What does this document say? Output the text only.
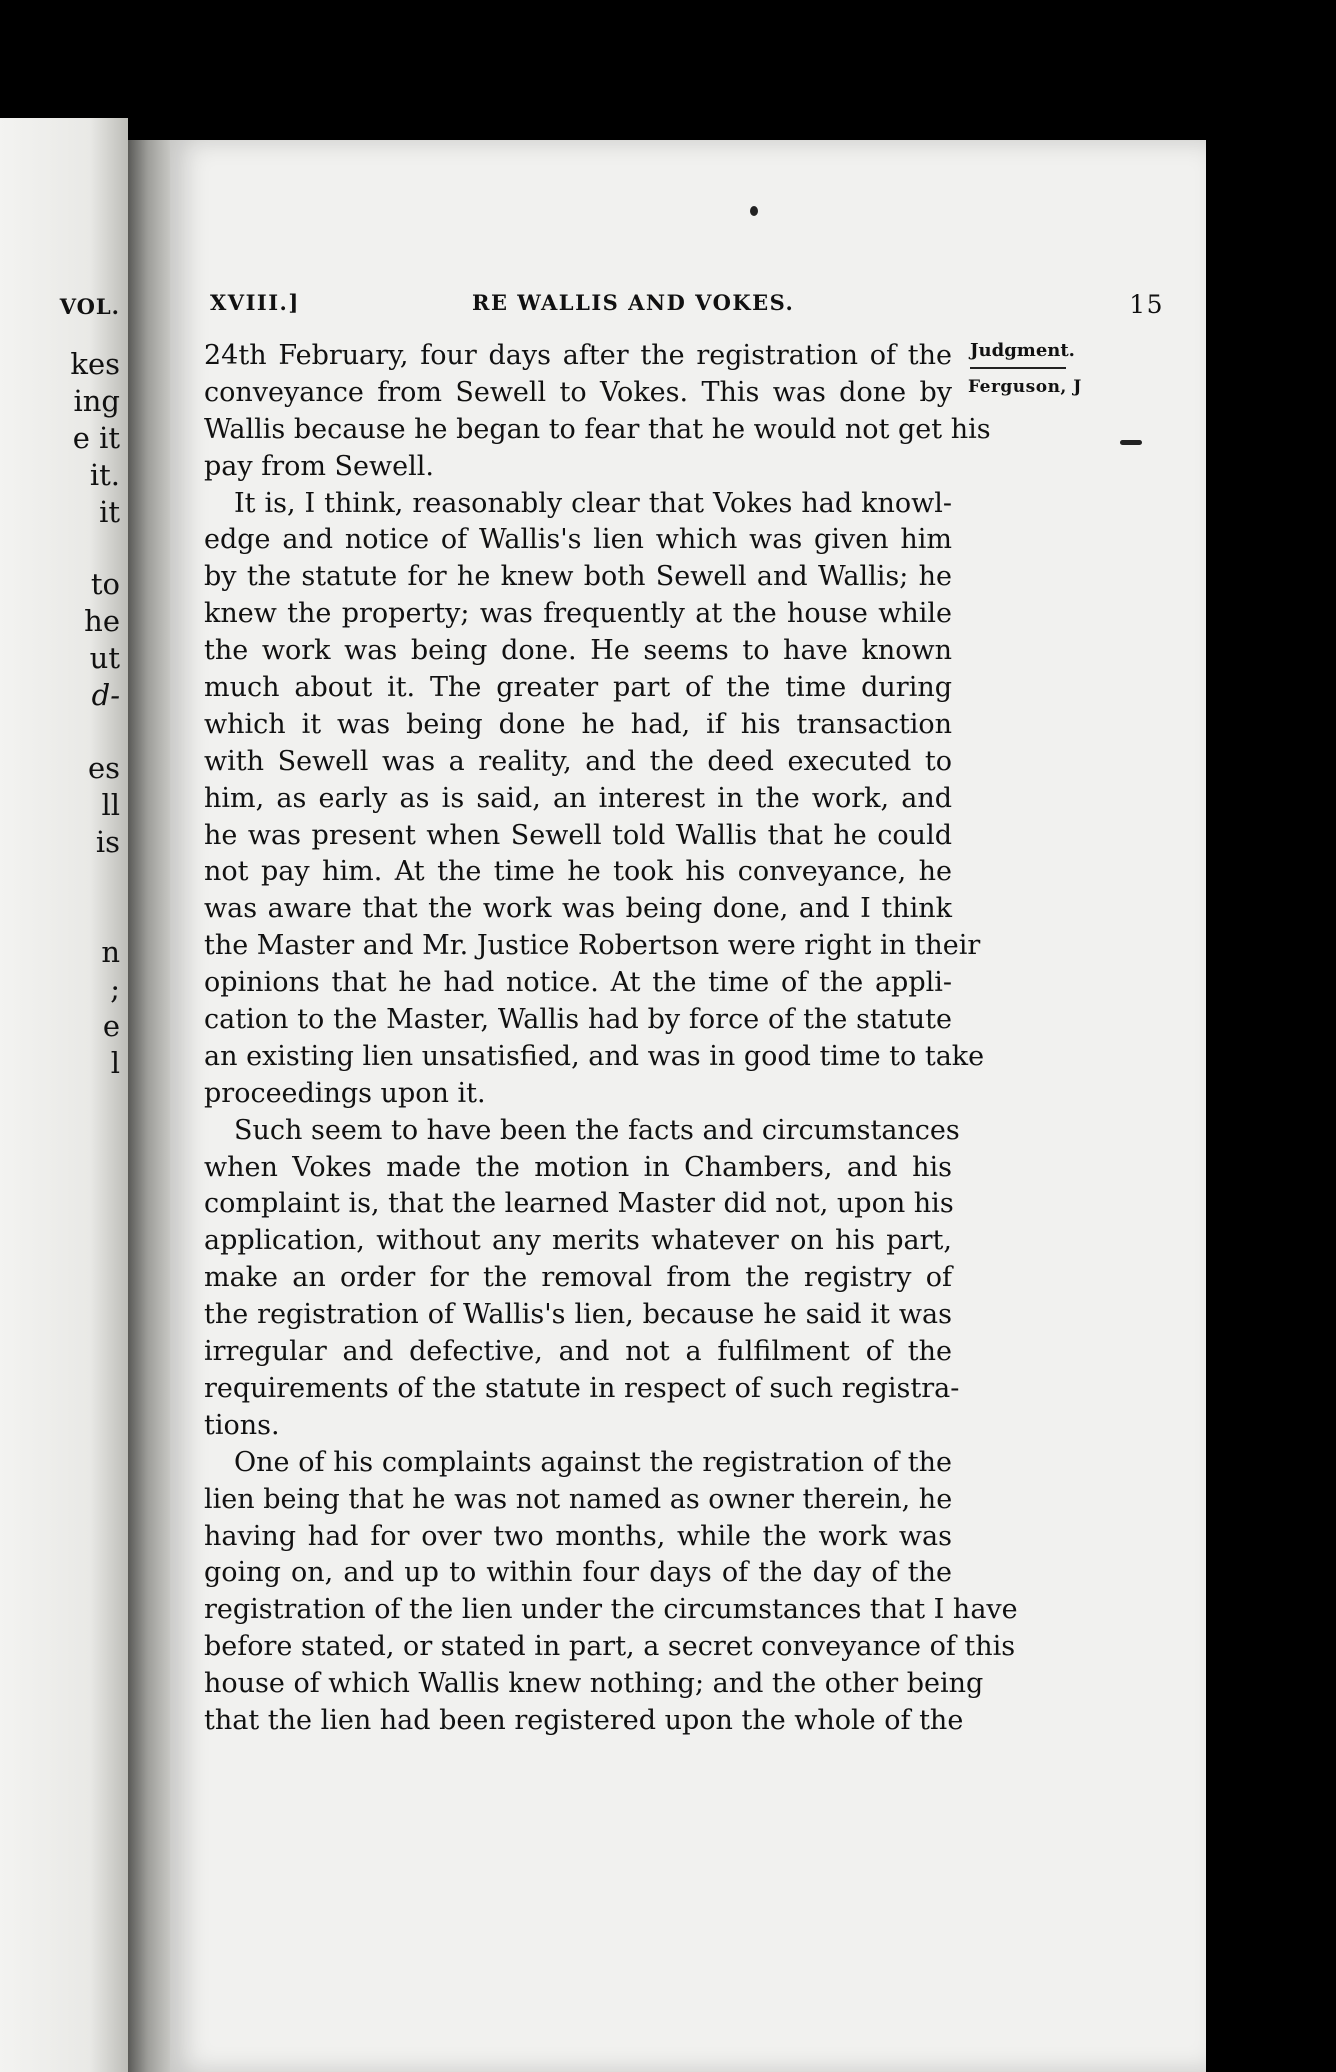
VOL.
kes
ing
e it
it.
it
to
he
ut
d-
es
ll
is
n
;
e
l
XVIII.]	RE WALLIS AND VOKES.	15
24th February, four days after the registration of the
conveyance from Sewell to Vokes. This was done by
Wallis because he began to fear that he would not get his
pay from Sewell.
It is, I think, reasonably clear that Vokes had knowl-
edge and notice of Wallis's lien which was given him
by the statute for he knew both Sewell and Wallis; he
knew the property; was frequently at the house while
the work was being done. He seems to have known
much about it. The greater part of the time during
which it was being done he had, if his transaction
with Sewell was a reality, and the deed executed to
him, as early as is said, an interest in the work, and
he was present when Sewell told Wallis that he could
not pay him. At the time he took his conveyance, he
was aware that the work was being done, and I think
the Master and Mr. Justice Robertson were right in their
opinions that he had notice. At the time of the appli-
cation to the Master, Wallis had by force of the statute
an existing lien unsatisfied, and was in good time to take
proceedings upon it.
Such seem to have been the facts and circumstances
when Vokes made the motion in Chambers, and his
complaint is, that the learned Master did not, upon his
application, without any merits whatever on his part,
make an order for the removal from the registry of
the registration of Wallis's lien, because he said it was
irregular and defective, and not a fulfilment of the
requirements of the statute in respect of such registra-
tions.
One of his complaints against the registration of the
lien being that he was not named as owner therein, he
having had for over two months, while the work was
going on, and up to within four days of the day of the
registration of the lien under the circumstances that I have
before stated, or stated in part, a secret conveyance of this
house of which Wallis knew nothing; and the other being
that the lien had been registered upon the whole of the
Judgment.
Ferguson, J
